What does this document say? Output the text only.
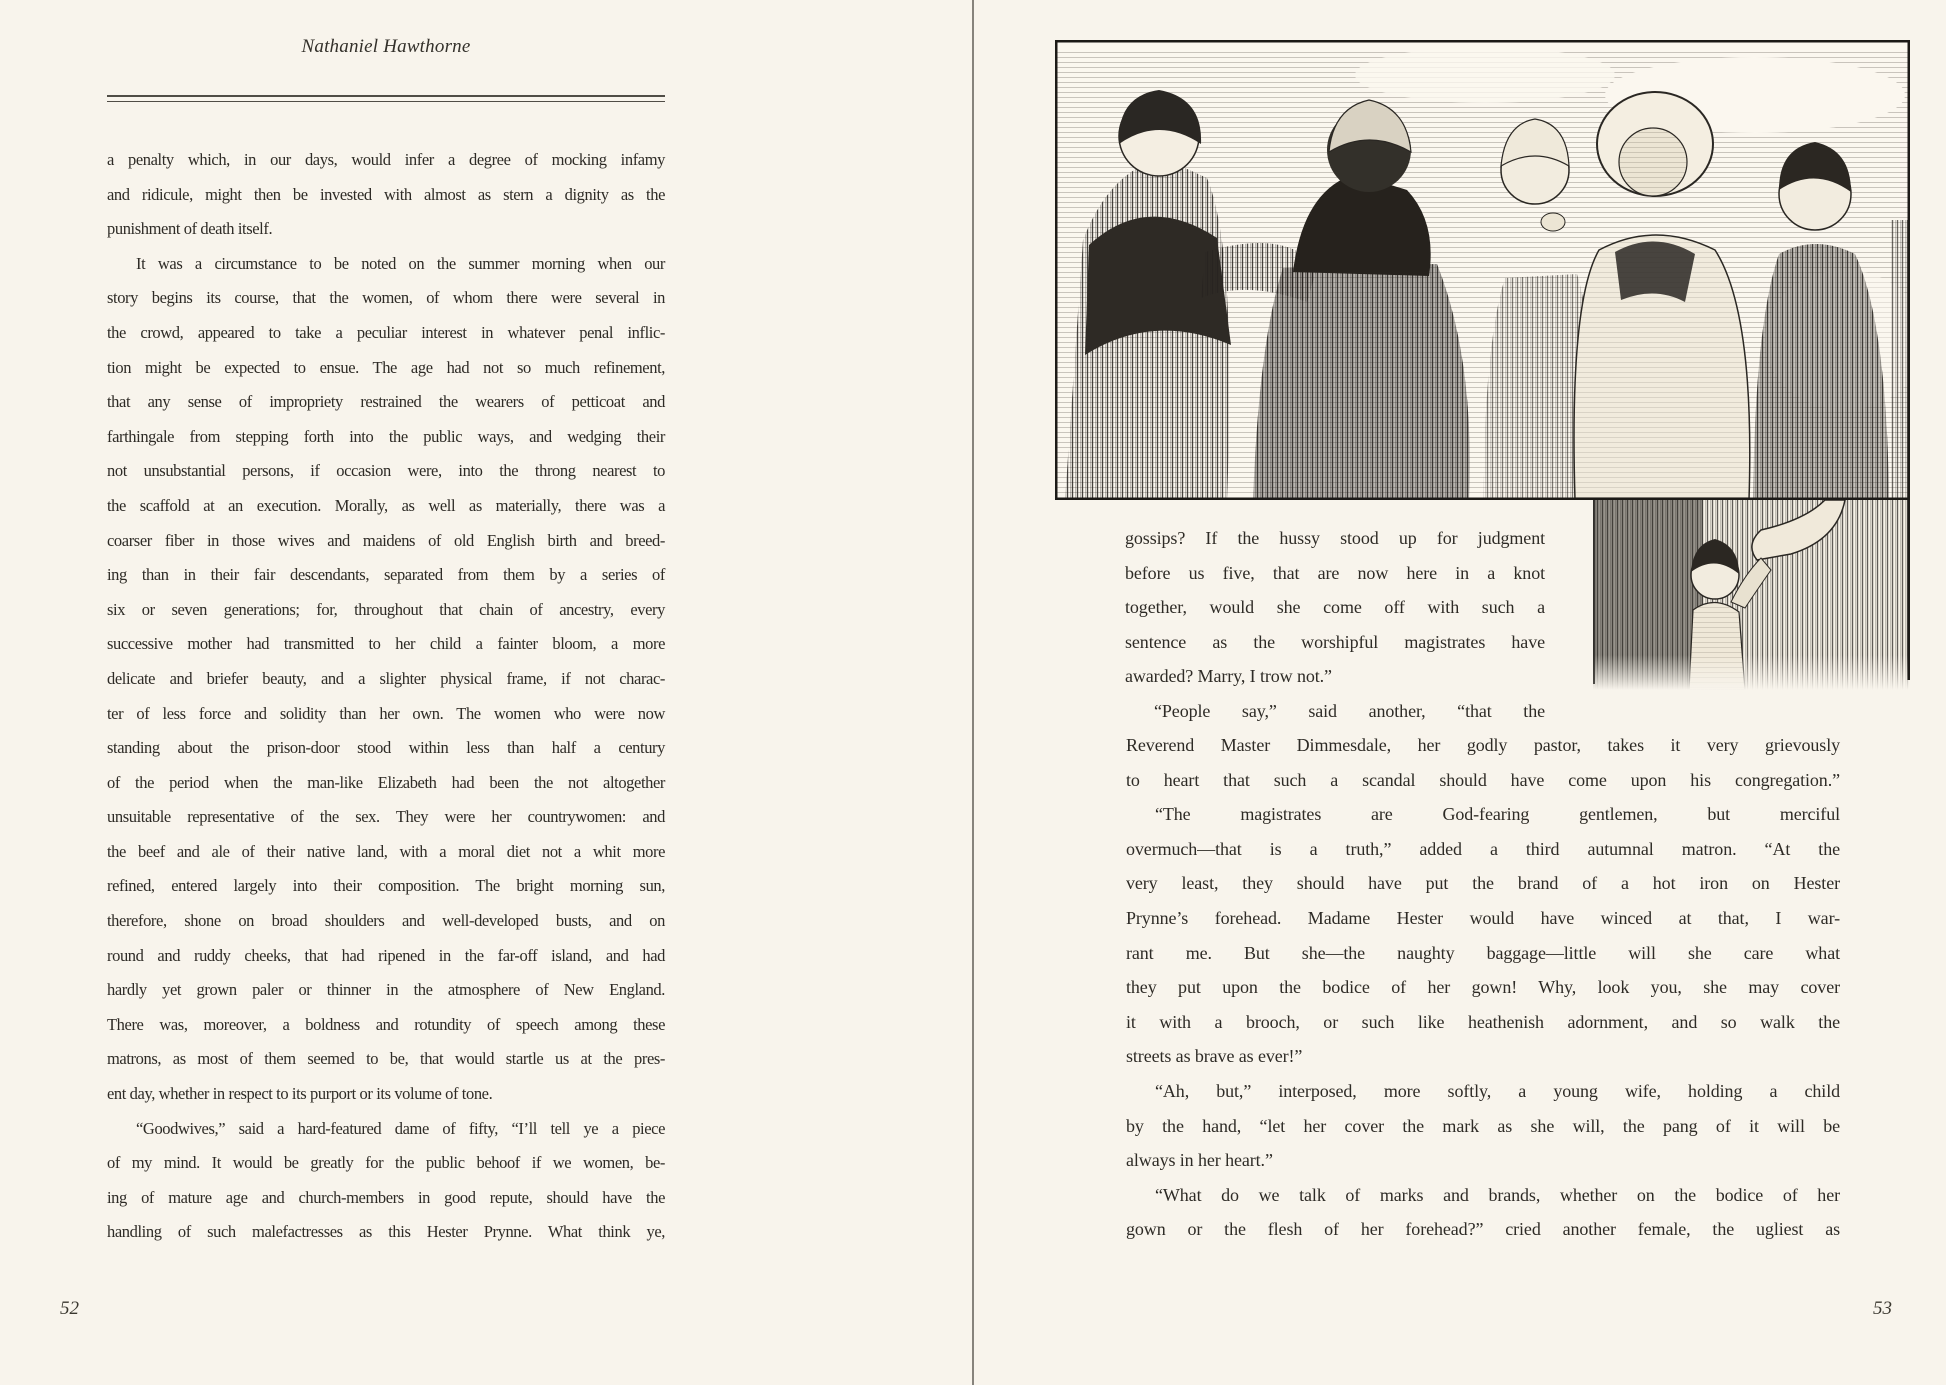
Nathaniel Hawthorne
a penalty which, in our days, would infer a degree of mocking infamy
and ridicule, might then be invested with almost as stern a dignity as the
punishment of death itself.
It was a circumstance to be noted on the summer morning when our
story begins its course, that the women, of whom there were several in
the crowd, appeared to take a peculiar interest in whatever penal inflic-
tion might be expected to ensue. The age had not so much refinement,
that any sense of impropriety restrained the wearers of petticoat and
farthingale from stepping forth into the public ways, and wedging their
not unsubstantial persons, if occasion were, into the throng nearest to
the scaffold at an execution. Morally, as well as materially, there was a
coarser fiber in those wives and maidens of old English birth and breed-
ing than in their fair descendants, separated from them by a series of
six or seven generations; for, throughout that chain of ancestry, every
successive mother had transmitted to her child a fainter bloom, a more
delicate and briefer beauty, and a slighter physical frame, if not charac-
ter of less force and solidity than her own. The women who were now
standing about the prison-door stood within less than half a century
of the period when the man-like Elizabeth had been the not altogether
unsuitable representative of the sex. They were her countrywomen: and
the beef and ale of their native land, with a moral diet not a whit more
refined, entered largely into their composition. The bright morning sun,
therefore, shone on broad shoulders and well-developed busts, and on
round and ruddy cheeks, that had ripened in the far-off island, and had
hardly yet grown paler or thinner in the atmosphere of New England.
There was, moreover, a boldness and rotundity of speech among these
matrons, as most of them seemed to be, that would startle us at the pres-
ent day, whether in respect to its purport or its volume of tone.
“Goodwives,” said a hard-featured dame of fifty, “I’ll tell ye a piece
of my mind. It would be greatly for the public behoof if we women, be-
ing of mature age and church-members in good repute, should have the
handling of such malefactresses as this Hester Prynne. What think ye,
52
gossips? If the hussy stood up for judgment
before us five, that are now here in a knot
together, would she come off with such a
sentence as the worshipful magistrates have
awarded? Marry, I trow not.”
“People say,” said another, “that the
Reverend Master Dimmesdale, her godly pastor, takes it very grievously
to heart that such a scandal should have come upon his congregation.”
“The magistrates are God-fearing gentlemen, but merciful
overmuch—that is a truth,” added a third autumnal matron. “At the
very least, they should have put the brand of a hot iron on Hester
Prynne’s forehead. Madame Hester would have winced at that, I war-
rant me. But she—the naughty baggage—little will she care what
they put upon the bodice of her gown! Why, look you, she may cover
it with a brooch, or such like heathenish adornment, and so walk the
streets as brave as ever!”
“Ah, but,” interposed, more softly, a young wife, holding a child
by the hand, “let her cover the mark as she will, the pang of it will be
always in her heart.”
“What do we talk of marks and brands, whether on the bodice of her
gown or the flesh of her forehead?” cried another female, the ugliest as
53
